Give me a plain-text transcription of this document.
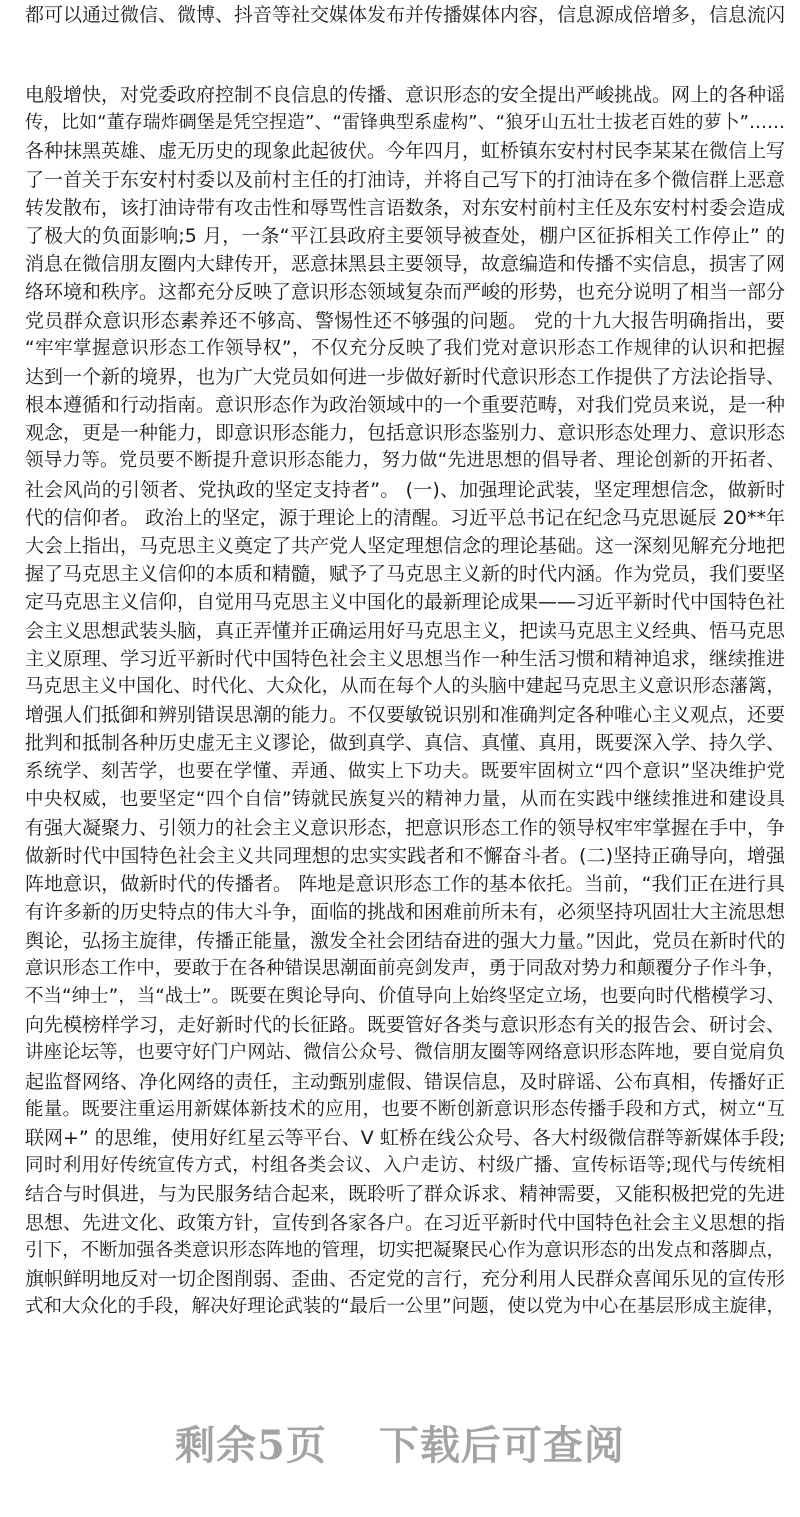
都可以通过微信、微博、抖音等社交媒体发布并传播媒体内容，信息源成倍增多，信息流闪
电般增快，对党委政府控制不良信息的传播、意识形态的安全提出严峻挑战。网上的各种谣
传，比如“董存瑞炸碉堡是凭空捏造”、“雷锋典型系虚构”、“狼牙山五壮士拔老百姓的萝卜”……
各种抹黑英雄、虚无历史的现象此起彼伏。今年四月，虹桥镇东安村村民李某某在微信上写
了一首关于东安村村委以及前村主任的打油诗，并将自己写下的打油诗在多个微信群上恶意
转发散布，该打油诗带有攻击性和辱骂性言语数条，对东安村前村主任及东安村村委会造成
了极大的负面影响;5 月，一条“平江县政府主要领导被查处，棚户区征拆相关工作停止” 的
消息在微信朋友圈内大肆传开，恶意抹黑县主要领导，故意编造和传播不实信息，损害了网
络环境和秩序。这都充分反映了意识形态领域复杂而严峻的形势，也充分说明了相当一部分
党员群众意识形态素养还不够高、警惕性还不够强的问题。 党的十九大报告明确指出，要
“牢牢掌握意识形态工作领导权”，不仅充分反映了我们党对意识形态工作规律的认识和把握
达到一个新的境界，也为广大党员如何进一步做好新时代意识形态工作提供了方法论指导、
根本遵循和行动指南。意识形态作为政治领域中的一个重要范畴，对我们党员来说，是一种
观念，更是一种能力，即意识形态能力，包括意识形态鉴别力、意识形态处理力、意识形态
领导力等。党员要不断提升意识形态能力，努力做“先进思想的倡导者、理论创新的开拓者、
社会风尚的引领者、党执政的坚定支持者”。 (一)、加强理论武装，坚定理想信念，做新时
代的信仰者。 政治上的坚定，源于理论上的清醒。习近平总书记在纪念马克思诞辰 20**年
大会上指出，马克思主义奠定了共产党人坚定理想信念的理论基础。这一深刻见解充分地把
握了马克思主义信仰的本质和精髓，赋予了马克思主义新的时代内涵。作为党员，我们要坚
定马克思主义信仰，自觉用马克思主义中国化的最新理论成果——习近平新时代中国特色社
会主义思想武装头脑，真正弄懂并正确运用好马克思主义，把读马克思主义经典、悟马克思
主义原理、学习近平新时代中国特色社会主义思想当作一种生活习惯和精神追求，继续推进
马克思主义中国化、时代化、大众化，从而在每个人的头脑中建起马克思主义意识形态藩篱，
增强人们抵御和辨别错误思潮的能力。不仅要敏锐识别和准确判定各种唯心主义观点，还要
批判和抵制各种历史虚无主义谬论，做到真学、真信、真懂、真用，既要深入学、持久学、
系统学、刻苦学，也要在学懂、弄通、做实上下功夫。既要牢固树立“四个意识”坚决维护党
中央权威，也要坚定“四个自信”铸就民族复兴的精神力量，从而在实践中继续推进和建设具
有强大凝聚力、引领力的社会主义意识形态，把意识形态工作的领导权牢牢掌握在手中，争
做新时代中国特色社会主义共同理想的忠实实践者和不懈奋斗者。(二)坚持正确导向，增强
阵地意识，做新时代的传播者。 阵地是意识形态工作的基本依托。当前，“我们正在进行具
有许多新的历史特点的伟大斗争，面临的挑战和困难前所未有，必须坚持巩固壮大主流思想
舆论，弘扬主旋律，传播正能量，激发全社会团结奋进的强大力量。”因此，党员在新时代的
意识形态工作中，要敢于在各种错误思潮面前亮剑发声，勇于同敌对势力和颠覆分子作斗争，
不当“绅士”，当“战士”。既要在舆论导向、价值导向上始终坚定立场，也要向时代楷模学习、
向先模榜样学习，走好新时代的长征路。既要管好各类与意识形态有关的报告会、研讨会、
讲座论坛等，也要守好门户网站、微信公众号、微信朋友圈等网络意识形态阵地，要自觉肩负
起监督网络、净化网络的责任，主动甄别虚假、错误信息，及时辟谣、公布真相，传播好正
能量。既要注重运用新媒体新技术的应用，也要不断创新意识形态传播手段和方式，树立“互
联网+” 的思维，使用好红星云等平台、V 虹桥在线公众号、各大村级微信群等新媒体手段;
同时利用好传统宣传方式，村组各类会议、入户走访、村级广播、宣传标语等;现代与传统相
结合与时俱进，与为民服务结合起来，既聆听了群众诉求、精神需要，又能积极把党的先进
思想、先进文化、政策方针，宣传到各家各户。在习近平新时代中国特色社会主义思想的指
引下，不断加强各类意识形态阵地的管理，切实把凝聚民心作为意识形态的出发点和落脚点，
旗帜鲜明地反对一切企图削弱、歪曲、否定党的言行，充分利用人民群众喜闻乐见的宣传形
式和大众化的手段，解决好理论武装的“最后一公里”问题，使以党为中心在基层形成主旋律，
剩余5页 下载后可查阅
